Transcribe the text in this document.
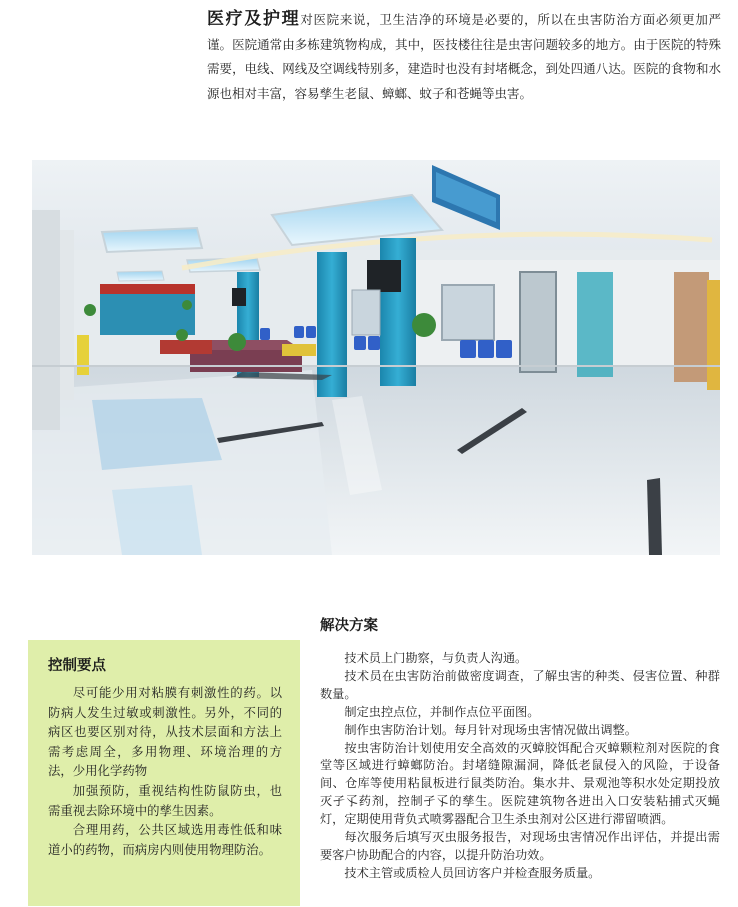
医疗及护理对医院来说，卫生洁净的环境是必要的，所以在虫害防治方面必须更加严谨。医院通常由多栋建筑物构成，其中，医技楼往往是虫害问题较多的地方。由于医院的特殊需要，电线、网线及空调线特别多，建造时也没有封堵概念，到处四通八达。医院的食物和水源也相对丰富，容易孳生老鼠、蟑螂、蚊子和苍蝇等虫害。

控制要点

尽可能少用对粘膜有刺激性的药。以防病人发生过敏或刺激性。另外，不同的病区也要区别对待，从技术层面和方法上需考虑周全，多用物理、环境治理的方法，少用化学药物

加强预防，重视结构性防鼠防虫，也需重视去除环境中的孳生因素。

合理用药，公共区域选用毒性低和味道小的药物，而病房内则使用物理防治。

解决方案

技术员上门勘察，与负责人沟通。

技术员在虫害防治前做密度调查，了解虫害的种类、侵害位置、种群数量。

制定虫控点位，并制作点位平面图。

制作虫害防治计划。每月针对现场虫害情况做出调整。

按虫害防治计划使用安全高效的灭蟑胶饵配合灭蟑颗粒剂对医院的食堂等区域进行蟑螂防治。封堵缝隙漏洞，降低老鼠侵入的风险，于设备间、仓库等使用粘鼠板进行鼠类防治。集水井、景观池等积水处定期投放灭孑孓药剂，控制孑孓的孳生。医院建筑物各进出入口安装粘捕式灭蝇灯，定期使用背负式喷雾器配合卫生杀虫剂对公区进行滞留喷洒。

每次服务后填写灭虫服务报告，对现场虫害情况作出评估，并提出需要客户协助配合的内容，以提升防治功效。

技术主管或质检人员回访客户并检查服务质量。
